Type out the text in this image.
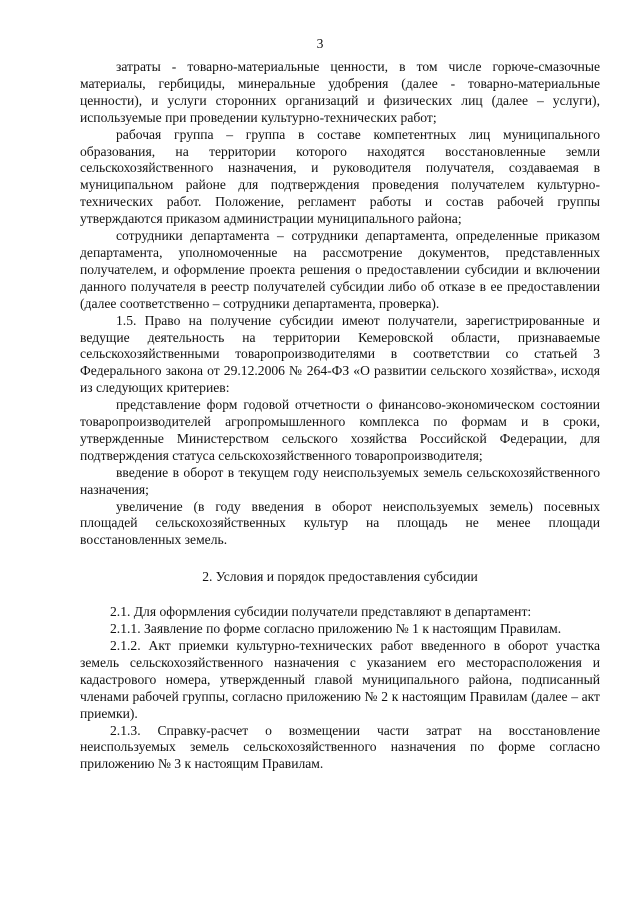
3

затраты - товарно-материальные ценности, в том числе горюче-смазочные материалы, гербициды, минеральные удобрения (далее - товарно-материальные ценности), и услуги сторонних организаций и физических лиц (далее – услуги), используемые при проведении культурно-технических работ;

рабочая группа – группа в составе компетентных лиц муниципального образования, на территории которого находятся восстановленные земли сельскохозяйственного назначения, и руководителя получателя, создаваемая в муниципальном районе для подтверждения проведения получателем культурно-технических работ. Положение, регламент работы и состав рабочей группы утверждаются приказом администрации муниципального района;

сотрудники департамента – сотрудники департамента, определенные приказом департамента, уполномоченные на рассмотрение документов, представленных получателем, и оформление проекта решения о предоставлении субсидии и включении данного получателя в реестр получателей субсидии либо об отказе в ее предоставлении (далее соответственно – сотрудники департамента, проверка).

1.5. Право на получение субсидии имеют получатели, зарегистрированные и ведущие деятельность на территории Кемеровской области, признаваемые сельскохозяйственными товаропроизводителями в соответствии со статьей 3 Федерального закона от 29.12.2006 № 264-ФЗ «О развитии сельского хозяйства», исходя из следующих критериев:

представление форм годовой отчетности о финансово-экономическом состоянии товаропроизводителей агропромышленного комплекса по формам и в сроки, утвержденные Министерством сельского хозяйства Российской Федерации, для подтверждения статуса сельскохозяйственного товаропроизводителя;

введение в оборот в текущем году неиспользуемых земель сельскохозяйственного назначения;

увеличение (в году введения в оборот неиспользуемых земель) посевных площадей сельскохозяйственных культур на площадь не менее площади восстановленных земель.

2. Условия и порядок предоставления субсидии

2.1. Для оформления субсидии получатели представляют в департамент:

2.1.1. Заявление по форме согласно приложению № 1 к настоящим Правилам.

2.1.2. Акт приемки культурно-технических работ введенного в оборот участка земель сельскохозяйственного назначения с указанием его месторасположения и кадастрового номера, утвержденный главой муниципального района, подписанный членами рабочей группы, согласно приложению № 2 к настоящим Правилам (далее – акт приемки).

2.1.3. Справку-расчет о возмещении части затрат на восстановление неиспользуемых земель сельскохозяйственного назначения по форме согласно приложению № 3 к настоящим Правилам.
